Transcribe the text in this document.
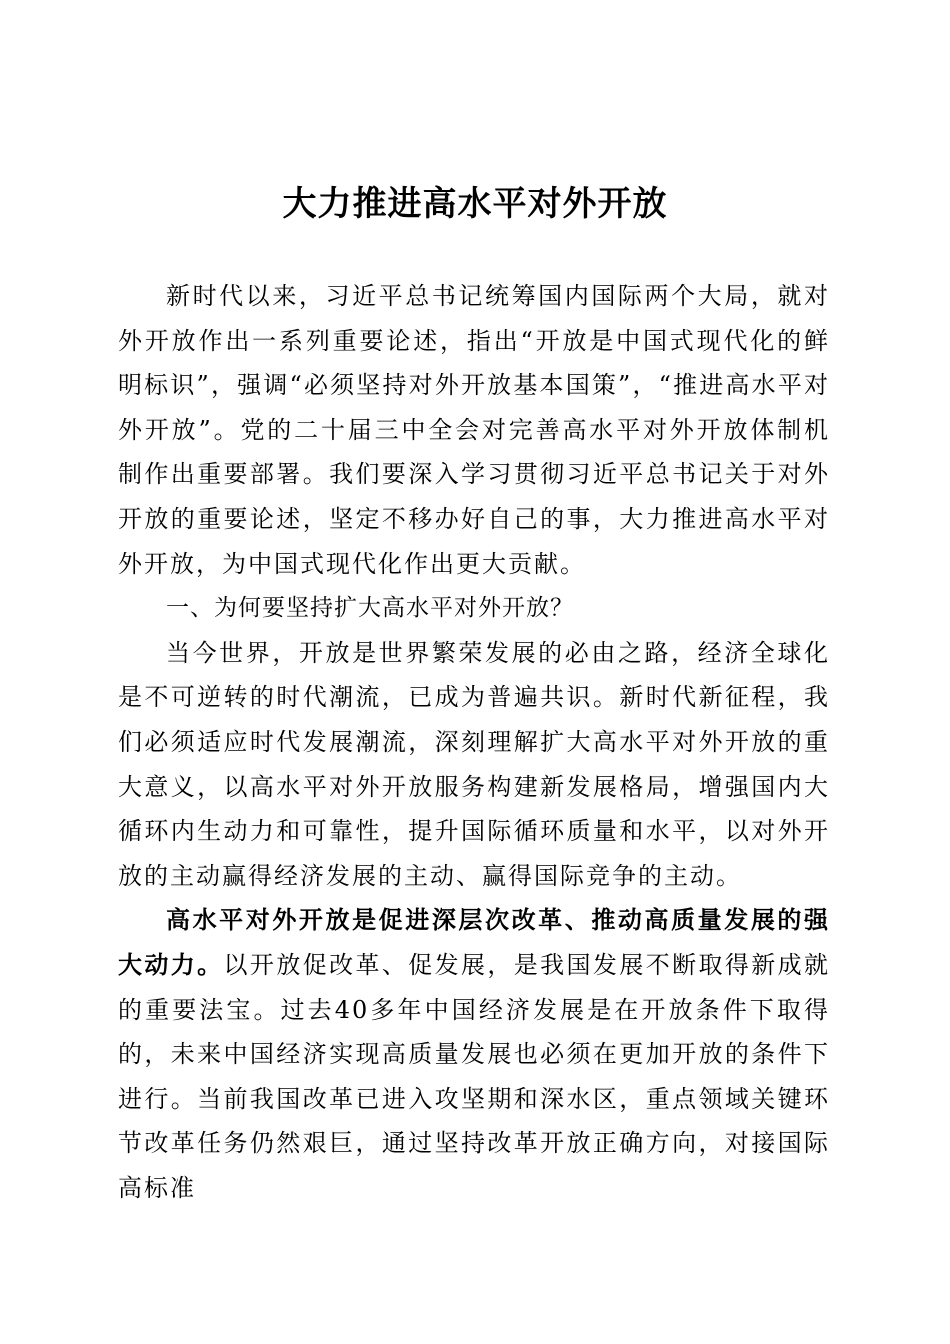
大力推进高水平对外开放

新时代以来，习近平总书记统筹国内国际两个大局，就对外开放作出一系列重要论述，指出“开放是中国式现代化的鲜明标识”，强调“必须坚持对外开放基本国策”，“推进高水平对外开放”。党的二十届三中全会对完善高水平对外开放体制机制作出重要部署。我们要深入学习贯彻习近平总书记关于对外开放的重要论述，坚定不移办好自己的事，大力推进高水平对外开放，为中国式现代化作出更大贡献。

一、为何要坚持扩大高水平对外开放？

当今世界，开放是世界繁荣发展的必由之路，经济全球化是不可逆转的时代潮流，已成为普遍共识。新时代新征程，我们必须适应时代发展潮流，深刻理解扩大高水平对外开放的重大意义，以高水平对外开放服务构建新发展格局，增强国内大循环内生动力和可靠性，提升国际循环质量和水平，以对外开放的主动赢得经济发展的主动、赢得国际竞争的主动。

高水平对外开放是促进深层次改革、推动高质量发展的强大动力。以开放促改革、促发展，是我国发展不断取得新成就的重要法宝。过去40多年中国经济发展是在开放条件下取得的，未来中国经济实现高质量发展也必须在更加开放的条件下进行。当前我国改革已进入攻坚期和深水区，重点领域关键环节改革任务仍然艰巨，通过坚持改革开放正确方向，对接国际高标准
